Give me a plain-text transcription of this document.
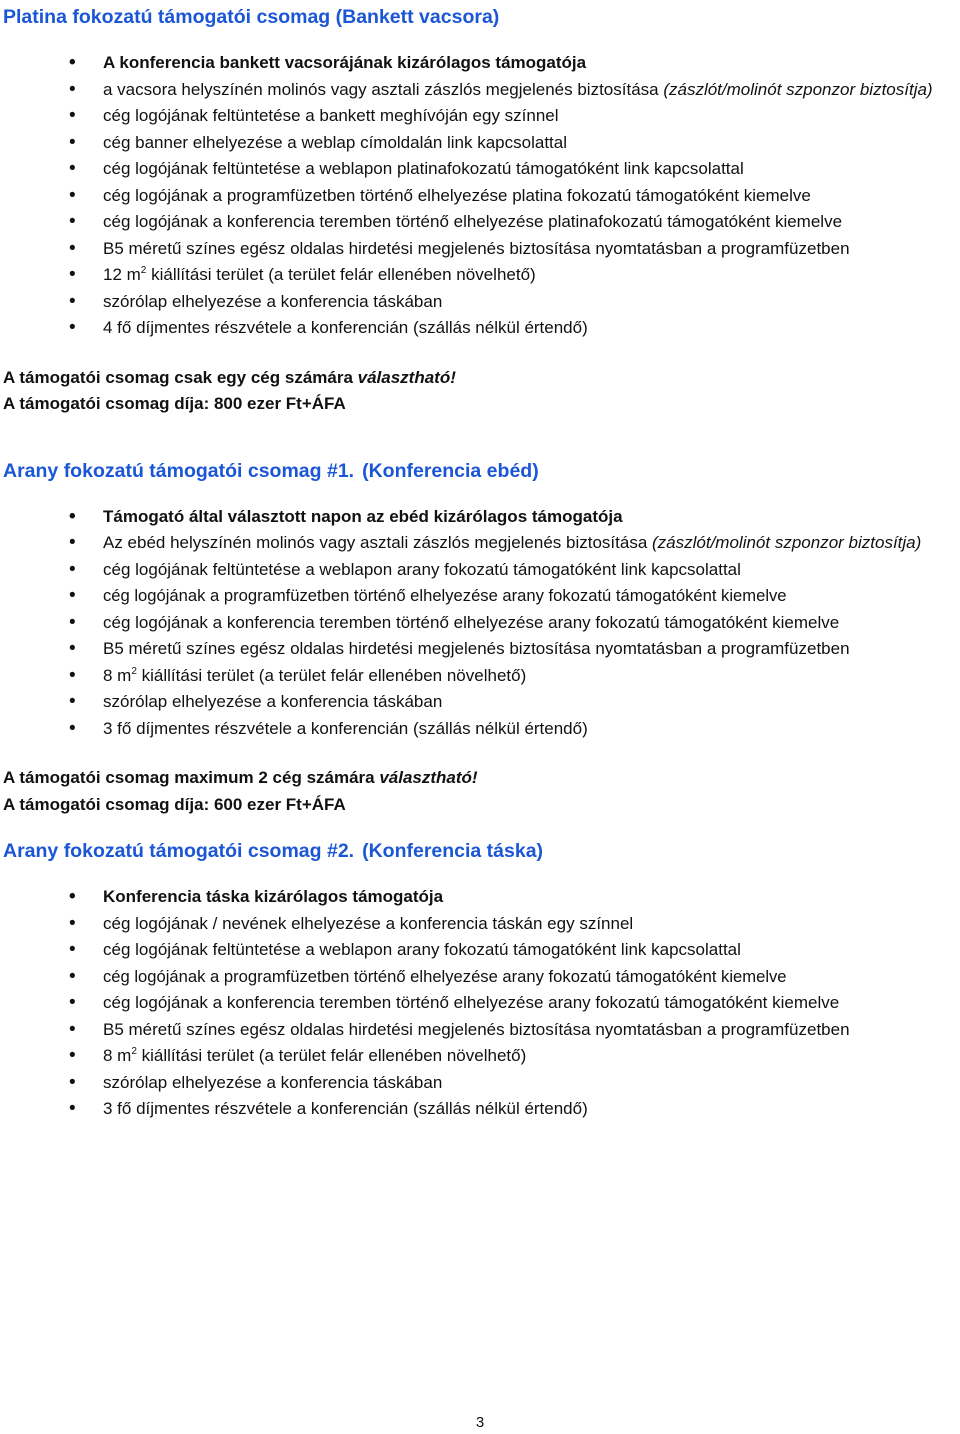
Platina fokozatú támogatói csomag (Bankett vacsora)
• A konferencia bankett vacsorájának kizárólagos támogatója
• a vacsora helyszínén molinós vagy asztali zászlós megjelenés biztosítása (zászlót/molinót szponzor biztosítja)
• cég logójának feltüntetése a bankett meghívóján egy színnel
• cég banner elhelyezése a weblap címoldalán link kapcsolattal
• cég logójának feltüntetése a weblapon platinafokozatú támogatóként link kapcsolattal
• cég logójának a programfüzetben történő elhelyezése platina fokozatú támogatóként kiemelve
• cég logójának a konferencia teremben történő elhelyezése platinafokozatú támogatóként kiemelve
• B5 méretű színes egész oldalas hirdetési megjelenés biztosítása nyomtatásban a programfüzetben
• 12 $m^2$ kiállítási terület (a terület felár ellenében növelhető)
• szórólap elhelyezése a konferencia táskában
• 4 fő díjmentes részvétele a konferencián (szállás nélkül értendő)

A támogatói csomag csak egy cég számára választható!

A támogatói csomag díja: 800 ezer Ft+ÁFA

Arany fokozatú támogatói csomag #1. (Konferencia ebéd)
• Támogató által választott napon az ebéd kizárólagos támogatója
• Az ebéd helyszínén molinós vagy asztali zászlós megjelenés biztosítása (zászlót/molinót szponzor biztosítja)
• cég logójának feltüntetése a weblapon arany fokozatú támogatóként link kapcsolattal
• cég logójának a programfüzetben történő elhelyezése arany fokozatú támogatóként kiemelve
• cég logójának a konferencia teremben történő elhelyezése arany fokozatú támogatóként kiemelve
• B5 méretű színes egész oldalas hirdetési megjelenés biztosítása nyomtatásban a programfüzetben
• 8 $m^2$ kiállítási terület (a terület felár ellenében növelhető)
• szórólap elhelyezése a konferencia táskában
• 3 fő díjmentes részvétele a konferencián (szállás nélkül értendő)

A támogatói csomag maximum 2 cég számára választható!

A támogatói csomag díja: 600 ezer Ft+ÁFA

Arany fokozatú támogatói csomag #2. (Konferencia táska)
• Konferencia táska kizárólagos támogatója
• cég logójának / nevének elhelyezése a konferencia táskán egy színnel
• cég logójának feltüntetése a weblapon arany fokozatú támogatóként link kapcsolattal
• cég logójának a programfüzetben történő elhelyezése arany fokozatú támogatóként kiemelve
• cég logójának a konferencia teremben történő elhelyezése arany fokozatú támogatóként kiemelve
• B5 méretű színes egész oldalas hirdetési megjelenés biztosítása nyomtatásban a programfüzetben
• 8 $m^2$ kiállítási terület (a terület felár ellenében növelhető)
• szórólap elhelyezése a konferencia táskában
• 3 fő díjmentes részvétele a konferencián (szállás nélkül értendő)
3
